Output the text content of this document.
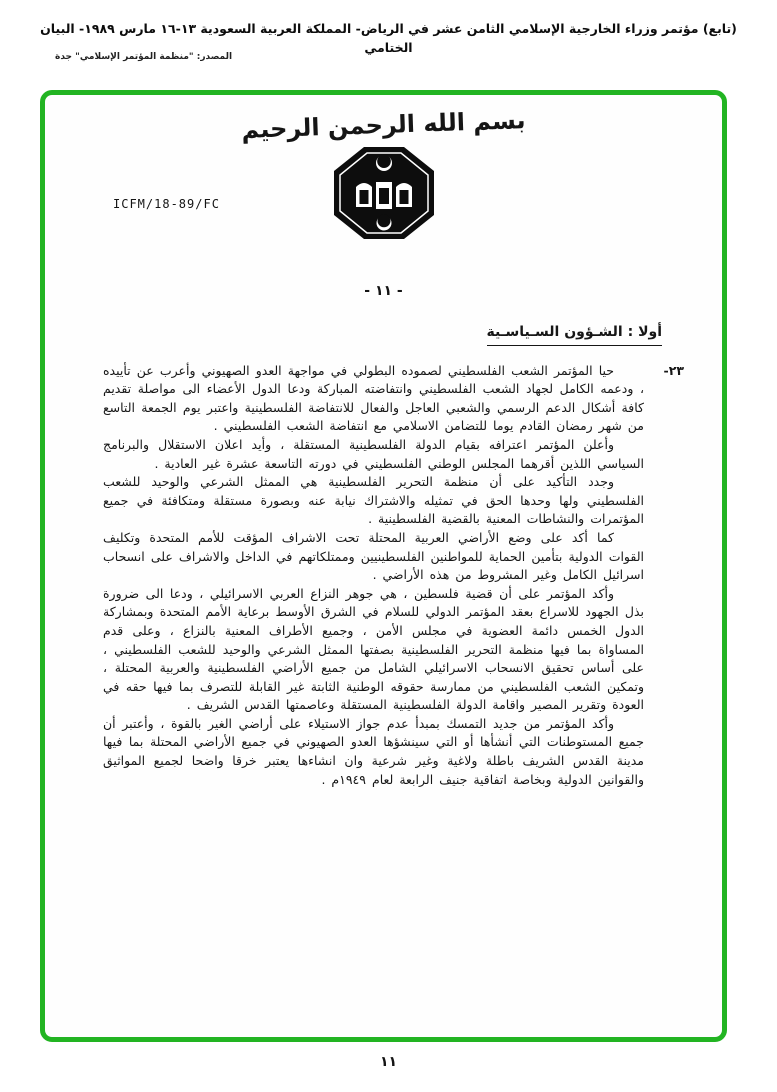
(تابع) مؤتمر وزراء الخارجية الإسلامي الثامن عشر في الرياض- المملكة العربية السعودية ١٣-١٦ مارس ١٩٨٩- البيان الختامي
المصدر: "منظمة المؤتمر الإسلامي" جدة
بسم الله الرحمن الرحيم
ICFM/18-89/FC
- ١١ -
أولا : الشـؤون السـياسـية

٢٣-
حيا المؤتمر الشعب الفلسطيني لصموده البطولي في مواجهة العدو الصهيوني وأعرب عن تأييده ، ودعمه الكامل لجهاد الشعب الفلسطيني وانتفاضته المباركة ودعا الدول الأعضاء الى مواصلة تقديم كافة أشكال الدعم الرسمي والشعبي العاجل والفعال للانتفاضة الفلسطينية واعتبر يوم الجمعة التاسع من شهر رمضان القادم يوما للتضامن الاسلامي مع انتفاضة الشعب الفلسطيني .

وأعلن المؤتمر اعترافه بقيام الدولة الفلسطينية المستقلة ، وأيد اعلان الاستقلال والبرنامج السياسي اللذين أقرهما المجلس الوطني الفلسطيني في دورته التاسعة عشرة غير العادية .

وجدد التأكيد على أن منظمة التحرير الفلسطينية هي الممثل الشرعي والوحيد للشعب الفلسطيني ولها وحدها الحق في تمثيله والاشتراك نيابة عنه وبصورة مستقلة ومتكافئة في جميع المؤتمرات والنشاطات المعنية بالقضية الفلسطينية .

كما أكد على وضع الأراضي العربية المحتلة تحت الاشراف المؤقت للأمم المتحدة وتكليف القوات الدولية بتأمين الحماية للمواطنين الفلسطينيين وممتلكاتهم في الداخل والاشراف على انسحاب اسرائيل الكامل وغير المشروط من هذه الأراضي .

وأكد المؤتمر على أن قضية فلسطين ، هي جوهر النزاع العربي الاسرائيلي ، ودعا الى ضرورة بذل الجهود للاسراع بعقد المؤتمر الدولي للسلام في الشرق الأوسط برعاية الأمم المتحدة وبمشاركة الدول الخمس دائمة العضوية في مجلس الأمن ، وجميع الأطراف المعنية بالنزاع ، وعلى قدم المساواة بما فيها منظمة التحرير الفلسطينية بصفتها الممثل الشرعي والوحيد للشعب الفلسطيني ، على أساس تحقيق الانسحاب الاسرائيلي الشامل من جميع الأراضي الفلسطينية والعربية المحتلة ، وتمكين الشعب الفلسطيني من ممارسة حقوقه الوطنية الثابتة غير القابلة للتصرف بما فيها حقه في العودة وتقرير المصير واقامة الدولة الفلسطينية المستقلة وعاصمتها القدس الشريف .

وأكد المؤتمر من جديد التمسك بمبدأ عدم جواز الاستيلاء على أراضي الغير بالقوة ، وأعتبر أن جميع المستوطنات التي أنشأها أو التي سينشؤها العدو الصهيوني في جميع الأراضي المحتلة بما فيها مدينة القدس الشريف باطلة ولاغية وغير شرعية وان انشاءها يعتبر خرقا واضحا لجميع المواثيق والقوانين الدولية وبخاصة اتفاقية جنيف الرابعة لعام ١٩٤٩م .

١١
